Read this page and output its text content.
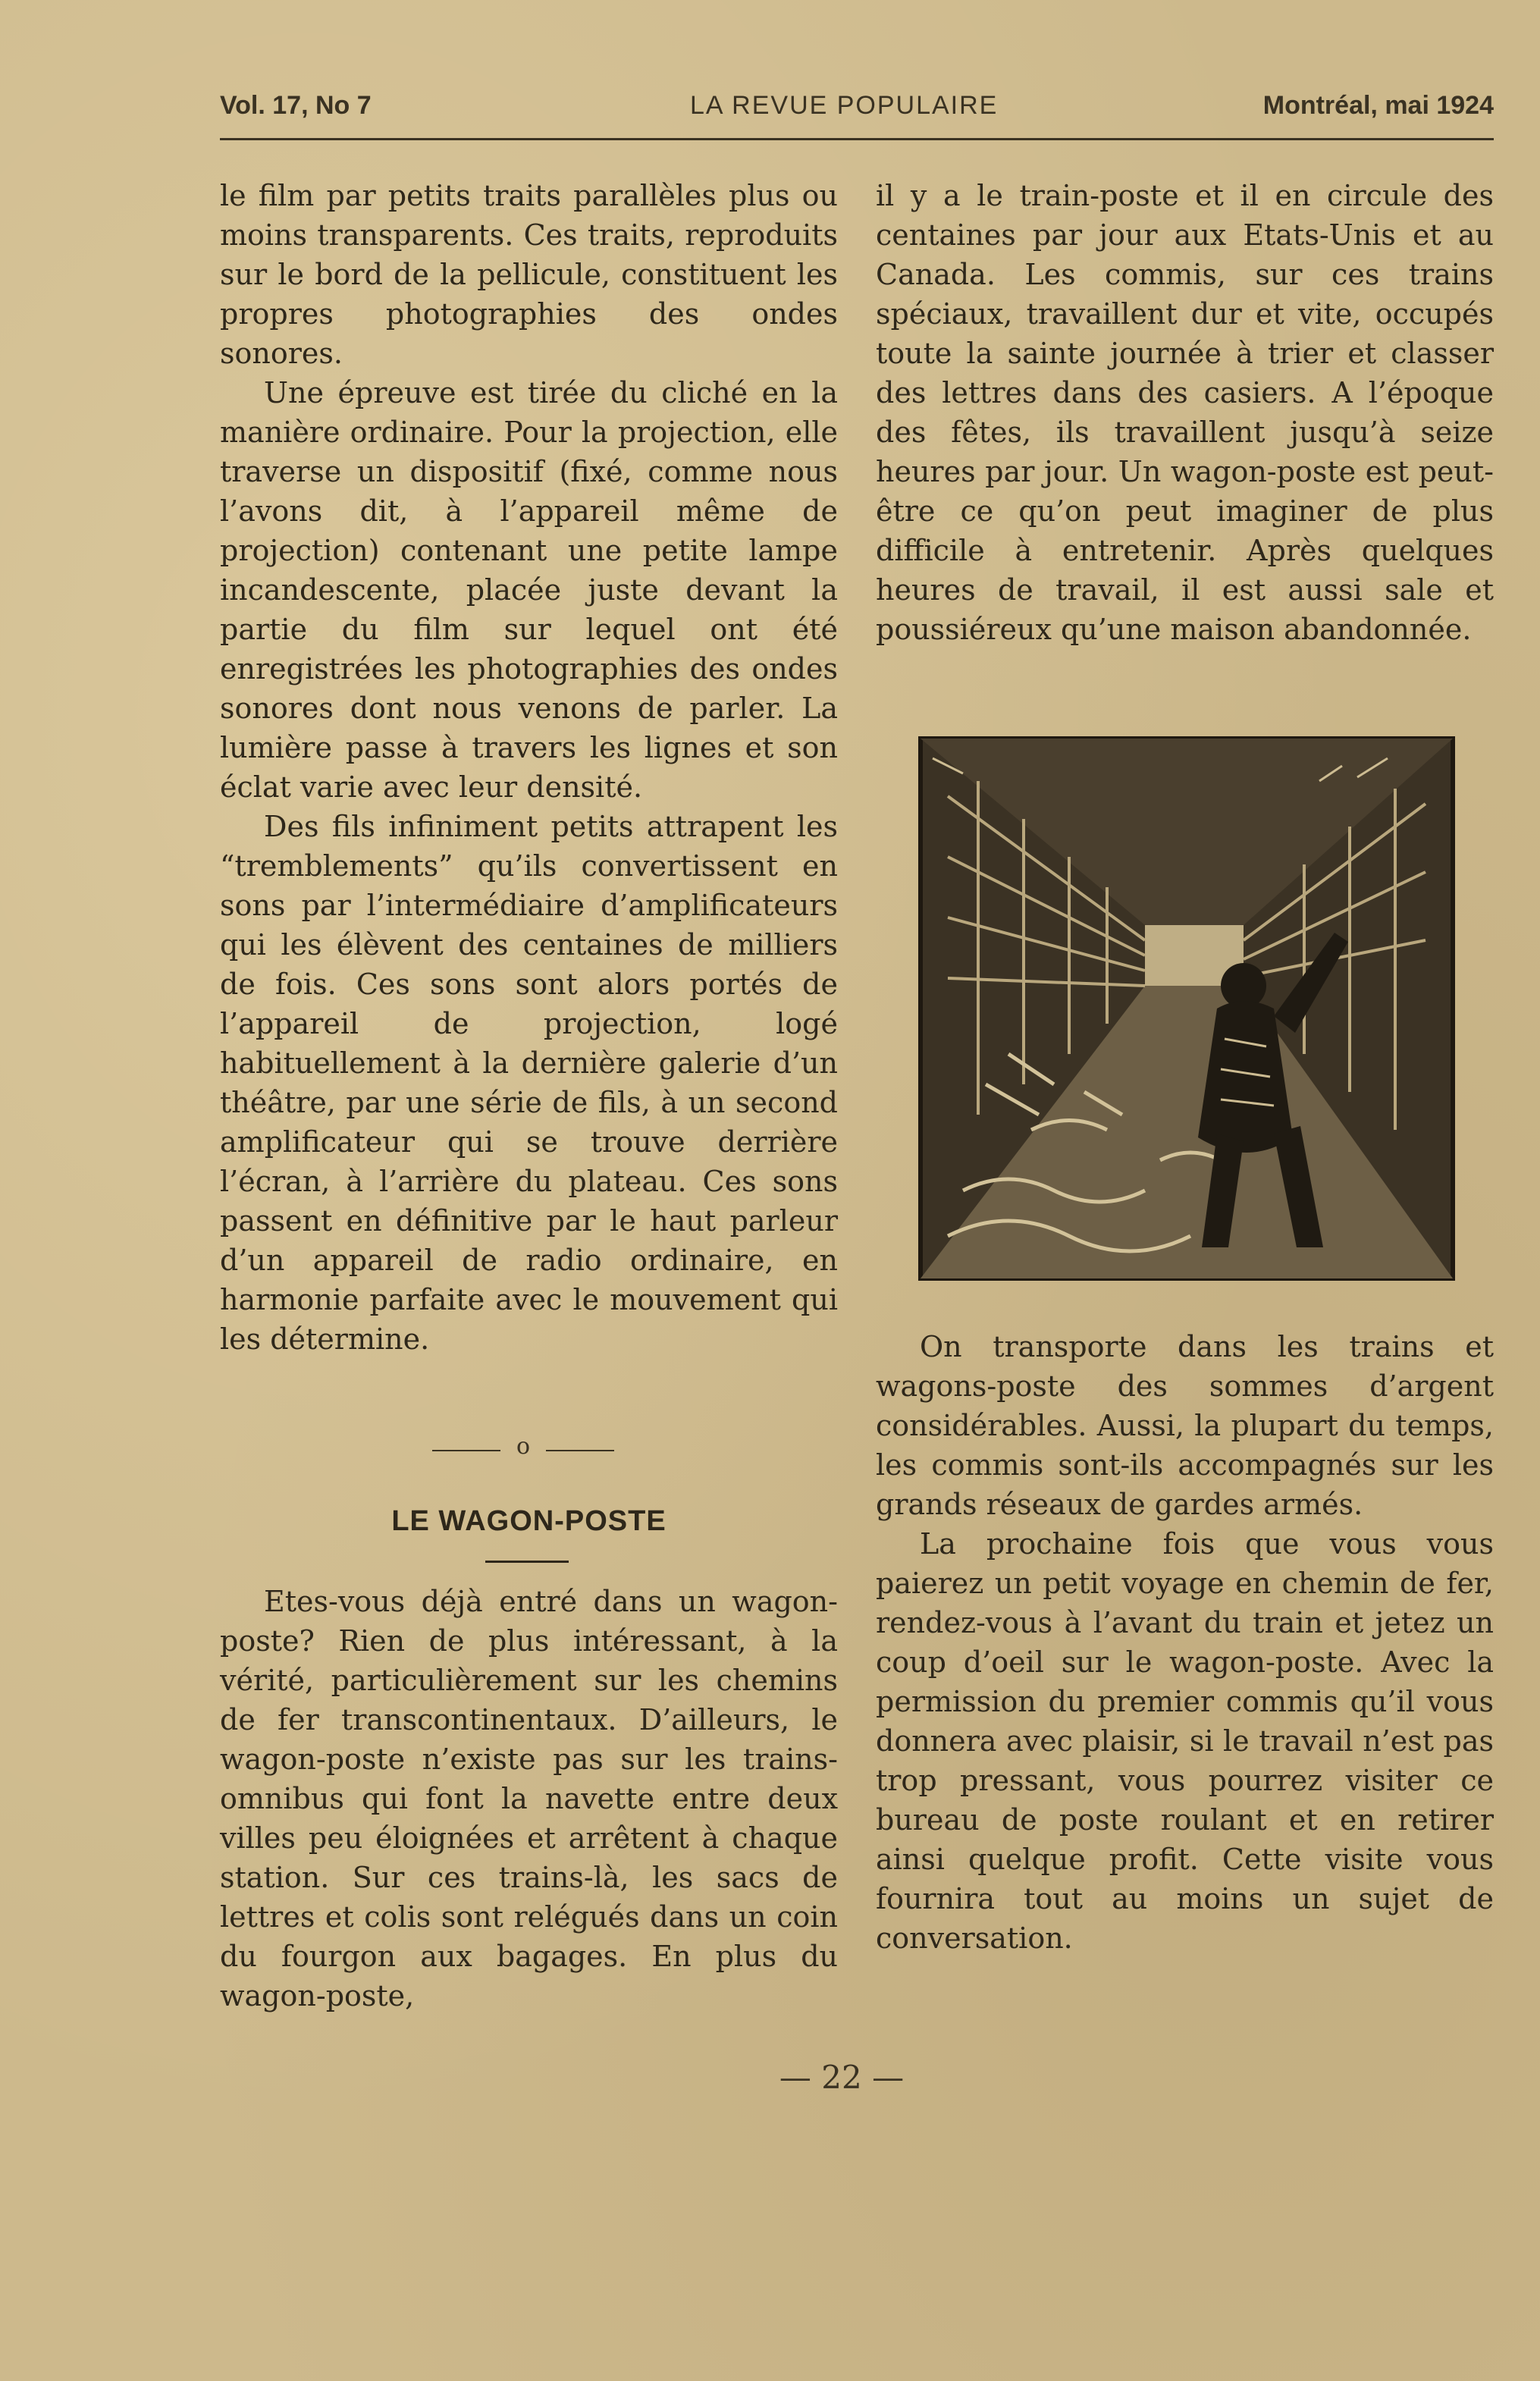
Vol. 17, No 7	LA REVUE POPULAIRE	Montréal, mai 1924

le film par petits traits parallèles plus ou moins transparents. Ces traits, reproduits sur le bord de la pellicule, constituent les propres photographies des ondes sonores.

Une épreuve est tirée du cliché en la manière ordinaire. Pour la projection, elle traverse un dispositif (fixé, comme nous l’avons dit, à l’appareil même de projection) contenant une petite lampe incandescente, placée juste devant la partie du film sur lequel ont été enregistrées les photographies des ondes sonores dont nous venons de parler. La lumière passe à travers les lignes et son éclat varie avec leur densité.

Des fils infiniment petits attrapent les “tremblements” qu’ils convertissent en sons par l’intermédiaire d’amplificateurs qui les élèvent des centaines de milliers de fois. Ces sons sont alors portés de l’appareil de projection, logé habituellement à la dernière galerie d’un théâtre, par une série de fils, à un second amplificateur qui se trouve derrière l’écran, à l’arrière du plateau. Ces sons passent en définitive par le haut parleur d’un appareil de radio ordinaire, en harmonie parfaite avec le mouvement qui les détermine.

o
LE WAGON-POSTE

Etes-vous déjà entré dans un wagon-poste? Rien de plus intéressant, à la vérité, particulièrement sur les chemins de fer transcontinentaux. D’ailleurs, le wagon-poste n’existe pas sur les trains-omnibus qui font la navette entre deux villes peu éloignées et arrêtent à chaque station. Sur ces trains-là, les sacs de lettres et colis sont relégués dans un coin du fourgon aux bagages. En plus du wagon-poste,

il y a le train-poste et il en circule des centaines par jour aux Etats-Unis et au Canada. Les commis, sur ces trains spéciaux, travaillent dur et vite, occupés toute la sainte journée à trier et classer des lettres dans des casiers. A l’époque des fêtes, ils travaillent jusqu’à seize heures par jour. Un wagon-poste est peut-être ce qu’on peut imaginer de plus difficile à entretenir. Après quelques heures de travail, il est aussi sale et poussiéreux qu’une maison abandonnée.

On transporte dans les trains et wagons-poste des sommes d’argent considérables. Aussi, la plupart du temps, les commis sont-ils accompagnés sur les grands réseaux de gardes armés.

La prochaine fois que vous vous paierez un petit voyage en chemin de fer, rendez-vous à l’avant du train et jetez un coup d’oeil sur le wagon-poste. Avec la permission du premier commis qu’il vous donnera avec plaisir, si le travail n’est pas trop pressant, vous pourrez visiter ce bureau de poste roulant et en retirer ainsi quelque profit. Cette visite vous fournira tout au moins un sujet de conversation.

— 22 —
